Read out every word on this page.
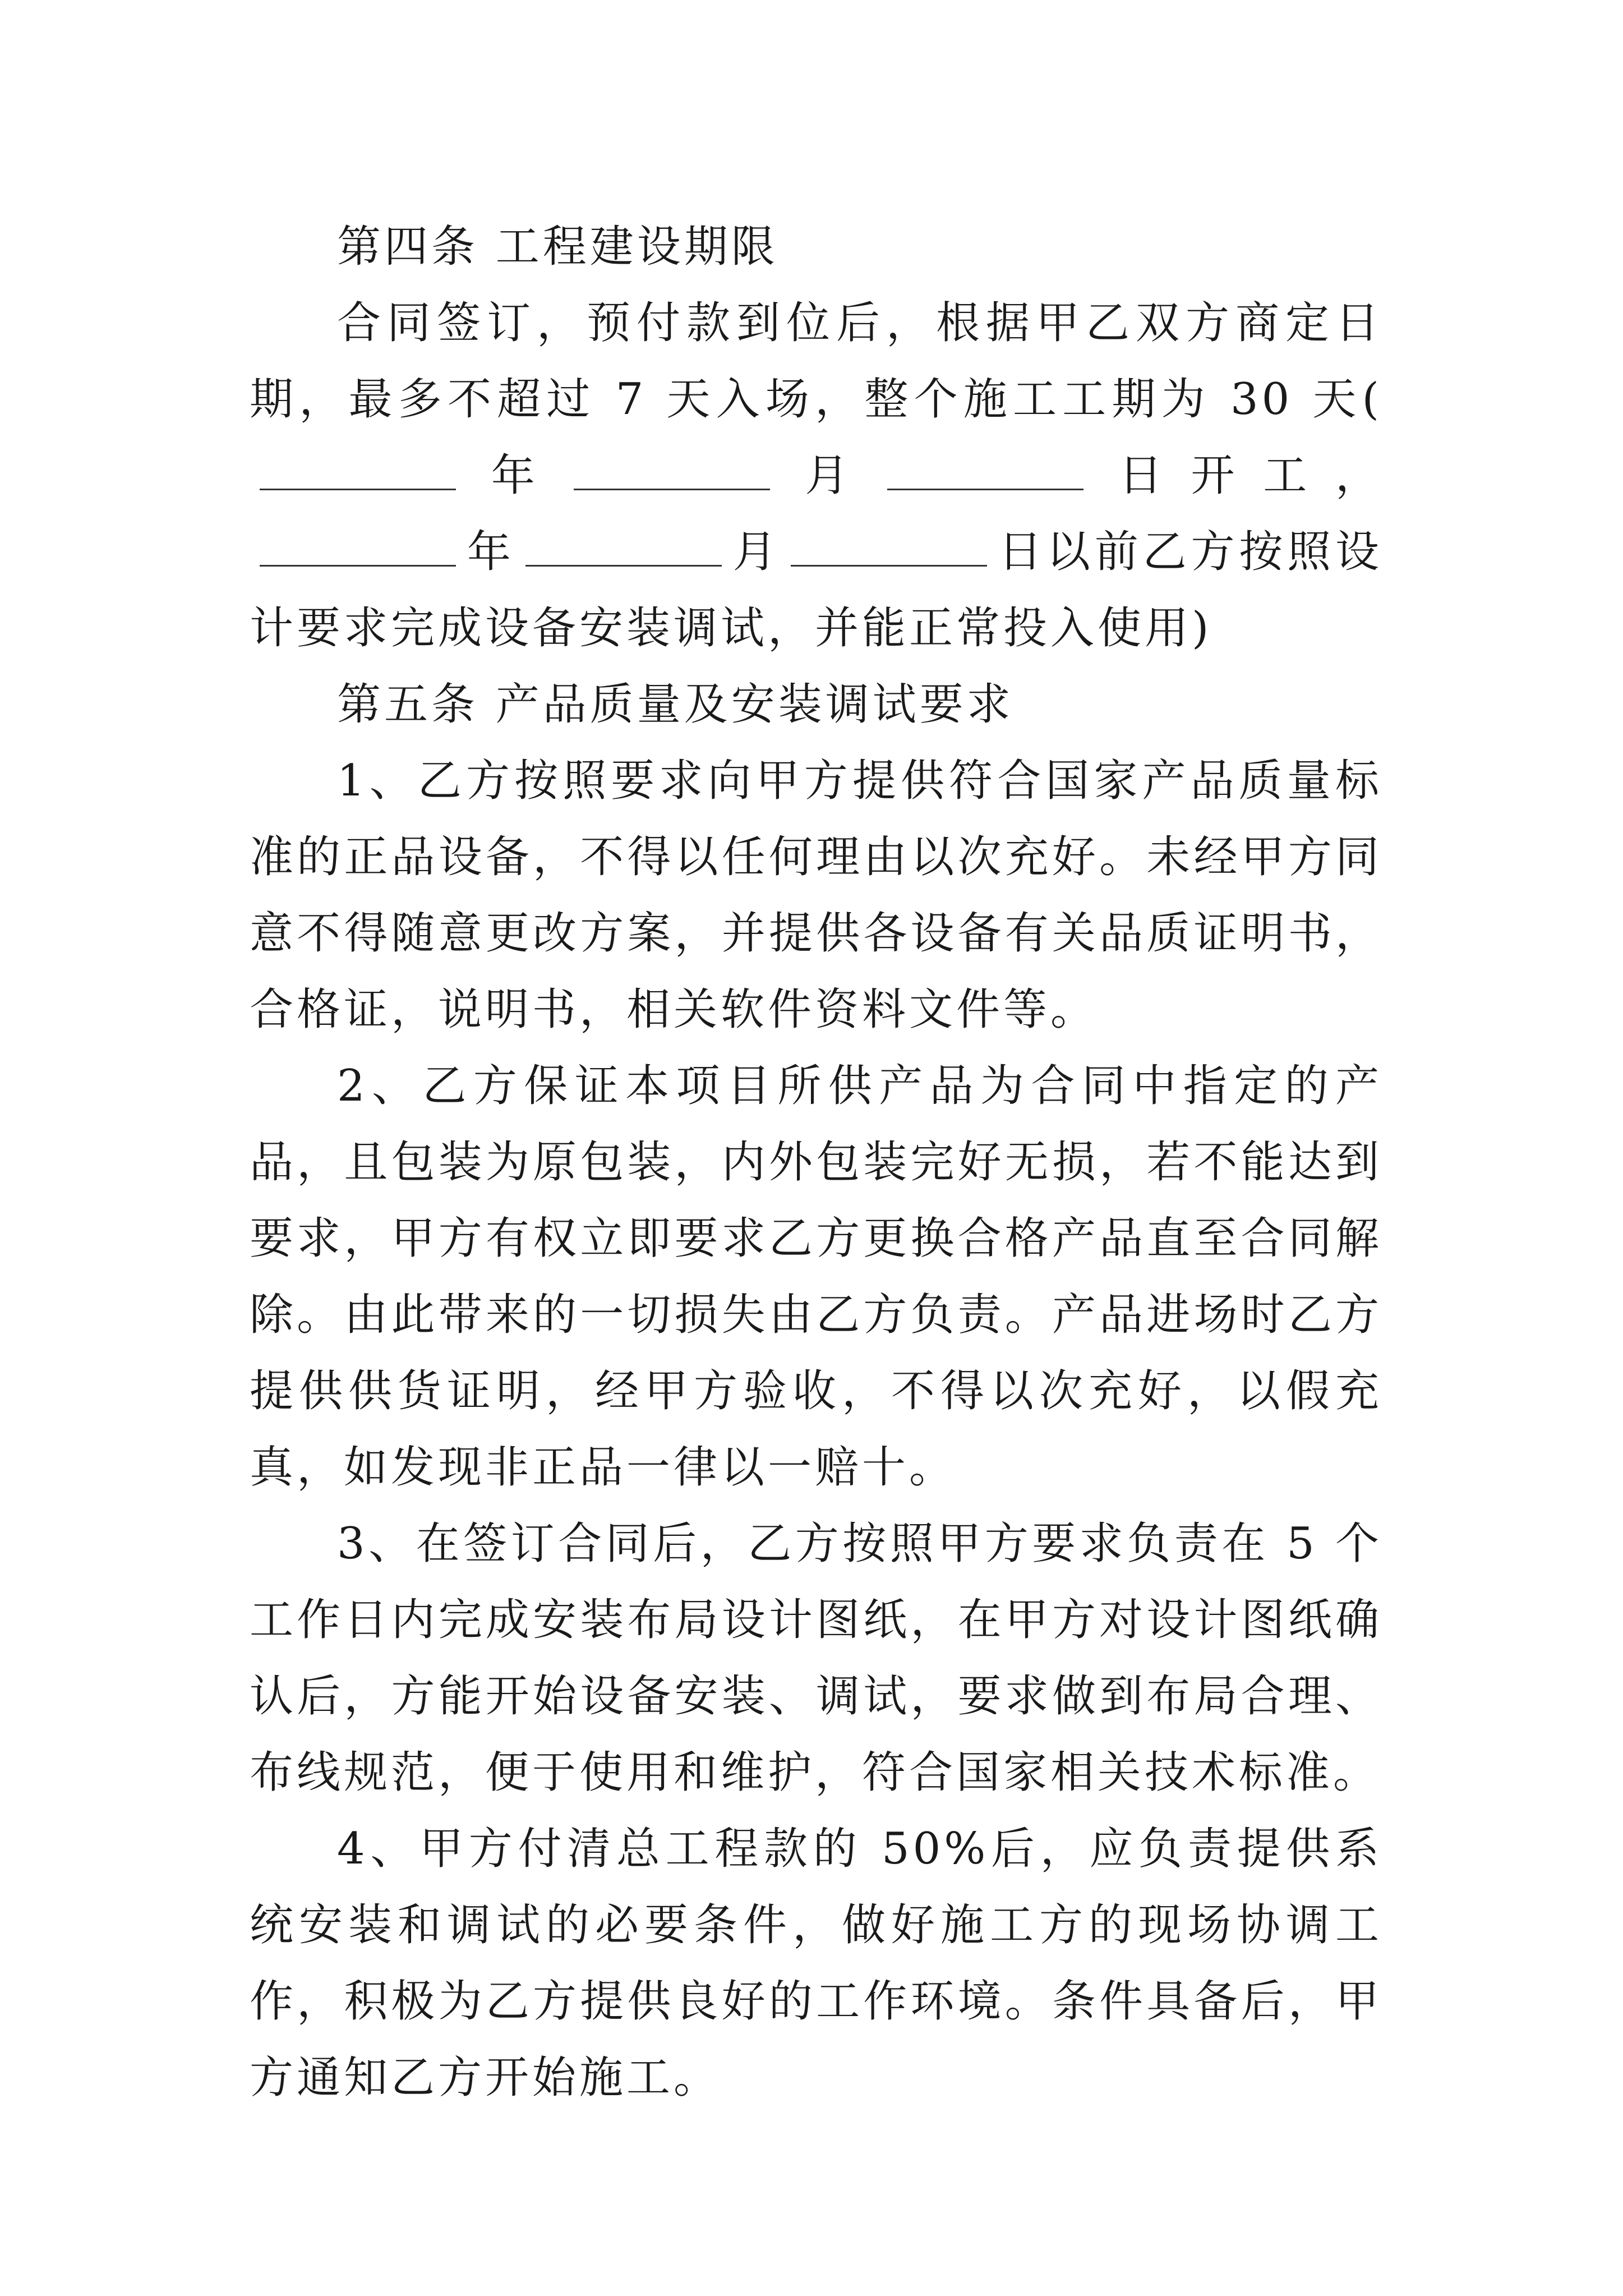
第四条 工程建设期限

合同签订，预付款到位后，根据甲乙双方商定日期，最多不超过 7 天入场，整个施工工期为 30 天(年	月	日开工，年	月	日以前乙方按照设计要求完成设备安装调试，并能正常投入使用)

第五条 产品质量及安装调试要求

1、乙方按照要求向甲方提供符合国家产品质量标准的正品设备，不得以任何理由以次充好。未经甲方同意不得随意更改方案，并提供各设备有关品质证明书，合格证，说明书，相关软件资料文件等。

2、乙方保证本项目所供产品为合同中指定的产品，且包装为原包装，内外包装完好无损，若不能达到要求，甲方有权立即要求乙方更换合格产品直至合同解除。由此带来的一切损失由乙方负责。产品进场时乙方提供供货证明，经甲方验收，不得以次充好，以假充真，如发现非正品一律以一赔十。

3、在签订合同后，乙方按照甲方要求负责在 5 个工作日内完成安装布局设计图纸，在甲方对设计图纸确认后，方能开始设备安装、调试，要求做到布局合理、布线规范，便于使用和维护，符合国家相关技术标准。

4、甲方付清总工程款的 50%后，应负责提供系统安装和调试的必要条件，做好施工方的现场协调工作，积极为乙方提供良好的工作环境。条件具备后，甲方通知乙方开始施工。
